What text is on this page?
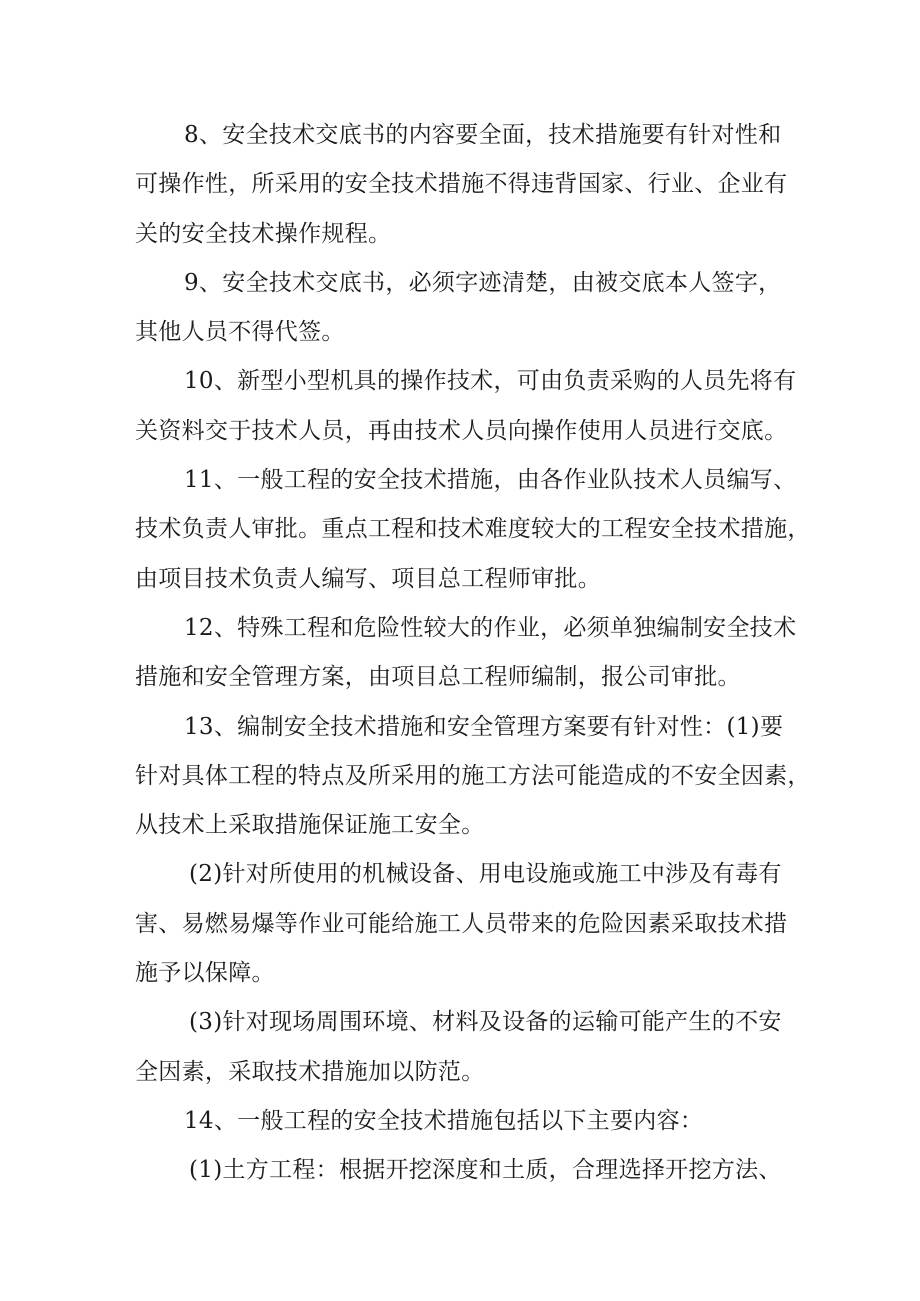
8、安全技术交底书的内容要全面，技术措施要有针对性和
可操作性，所采用的安全技术措施不得违背国家、行业、企业有
关的安全技术操作规程。
9、安全技术交底书，必须字迹清楚，由被交底本人签字，
其他人员不得代签。
10、新型小型机具的操作技术，可由负责采购的人员先将有
关资料交于技术人员，再由技术人员向操作使用人员进行交底。
11、一般工程的安全技术措施，由各作业队技术人员编写、
技术负责人审批。重点工程和技术难度较大的工程安全技术措施，
由项目技术负责人编写、项目总工程师审批。
12、特殊工程和危险性较大的作业，必须单独编制安全技术
措施和安全管理方案，由项目总工程师编制，报公司审批。
13、编制安全技术措施和安全管理方案要有针对性：(1)要
针对具体工程的特点及所采用的施工方法可能造成的不安全因素，
从技术上采取措施保证施工安全。
(2)针对所使用的机械设备、用电设施或施工中涉及有毒有
害、易燃易爆等作业可能给施工人员带来的危险因素采取技术措
施予以保障。
(3)针对现场周围环境、材料及设备的运输可能产生的不安
全因素，采取技术措施加以防范。
14、一般工程的安全技术措施包括以下主要内容：
(1)土方工程：根据开挖深度和土质，合理选择开挖方法、
